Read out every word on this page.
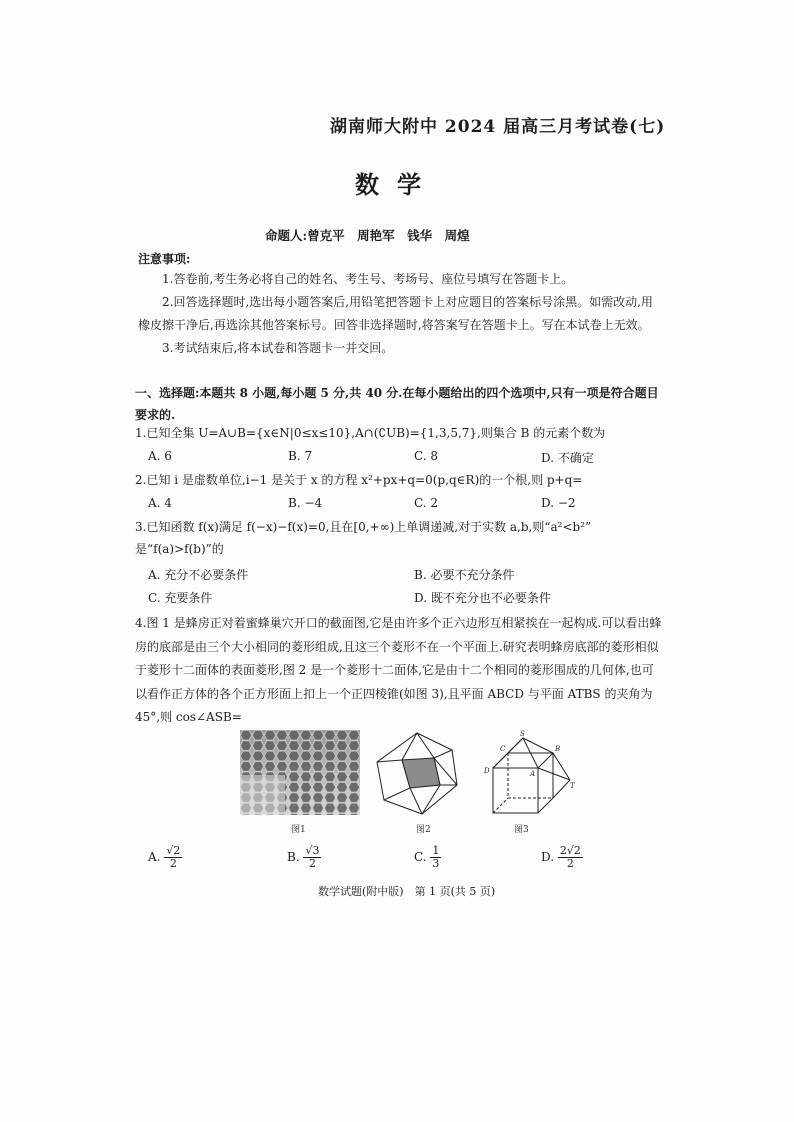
湖南师大附中 2024 届高三月考试卷(七)
数学
命题人:曾克平　周艳军　钱华　周煌
注意事项:
1.答卷前,考生务必将自己的姓名、考生号、考场号、座位号填写在答题卡上。
2.回答选择题时,选出每小题答案后,用铅笔把答题卡上对应题目的答案标号涂黑。如需改动,用橡皮擦干净后,再选涂其他答案标号。回答非选择题时,将答案写在答题卡上。写在本试卷上无效。
3.考试结束后,将本试卷和答题卡一并交回。
一、选择题:本题共 8 小题,每小题 5 分,共 40 分.在每小题给出的四个选项中,只有一项是符合题目要求的.
1.已知全集 U=A∪B={x∈N|0≤x≤10},A∩(∁UB)={1,3,5,7},则集合 B 的元素个数为
A. 6	B. 7	C. 8	D. 不确定
2.已知 i 是虚数单位,i−1 是关于 x 的方程 x²+px+q=0(p,q∈R)的一个根,则 p+q=
A. 4	B. −4	C. 2	D. −2
3.已知函数 f(x)满足 f(−x)−f(x)=0,且在[0,+∞)上单调递减,对于实数 a,b,则“a²<b²”
是“f(a)>f(b)”的
A. 充分不必要条件	B. 必要不充分条件
C. 充要条件	D. 既不充分也不必要条件
4.图 1 是蜂房正对着蜜蜂巢穴开口的截面图,它是由许多个正六边形互相紧挨在一起构成.可以看出蜂房的底部是由三个大小相同的菱形组成,且这三个菱形不在一个平面上.研究表明蜂房底部的菱形相似于菱形十二面体的表面菱形,图 2 是一个菱形十二面体,它是由十二个相同的菱形围成的几何体,也可以看作正方体的各个正方形面上扣上一个正四棱锥(如图 3),且平面 ABCD 与平面 ATBS 的夹角为 45°,则 cos∠ASB=
图1	图2
S
B
C
D	A
T
图3
A. $\frac{√2}{2}$	B. $\frac{√3}{2}$	C. $\frac{1}{3}$	D. $\frac{2√2}{2}$
数学试题(附中版)　第 1 页(共 5 页)
